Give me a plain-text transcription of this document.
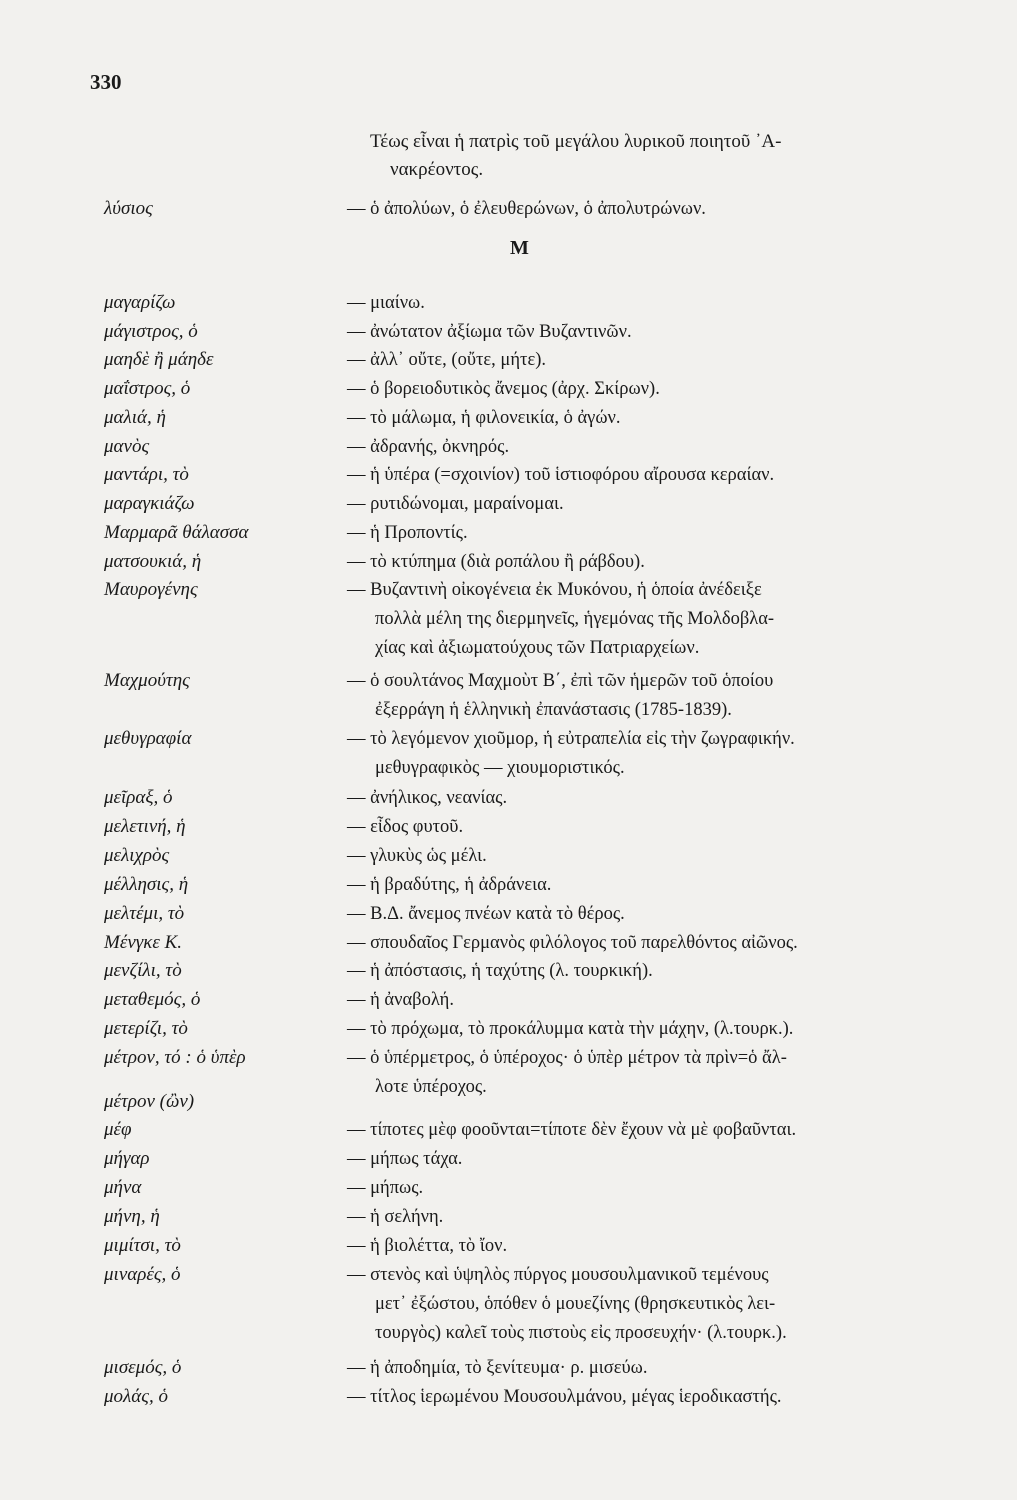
330
Τέως εἶναι ἡ πατρὶς τοῦ μεγάλου λυρικοῦ ποιητοῦ ᾿Α-
νακρέοντος.
Μ
λύσιος	— ὁ ἀπολύων, ὁ ἐλευθερώνων, ὁ ἀπολυτρώνων.
μαγαρίζω	— μιαίνω.
μάγιστρος, ὁ	— ἀνώτατον ἀξίωμα τῶν Βυζαντινῶν.
μαηδὲ ἢ μάηδε	— ἀλλ᾿ οὔτε, (οὔτε, μήτε).
μαΐστρος, ὁ	— ὁ βορειοδυτικὸς ἄνεμος (ἀρχ. Σκίρων).
μαλιά, ἡ	— τὸ μάλωμα, ἡ φιλονεικία, ὁ ἀγών.
μανὸς	— ἀδρανής, ὀκνηρός.
μαντάρι, τὸ	— ἡ ὑπέρα (=σχοινίον) τοῦ ἱστιοφόρου αἴρουσα κεραίαν.
μαραγκιάζω	— ρυτιδώνομαι, μαραίνομαι.
Μαρμαρᾶ θάλασσα	— ἡ Προποντίς.
ματσουκιά, ἡ	— τὸ κτύπημα (διὰ ροπάλου ἢ ράβδου).
Μαυρογένης	— Βυζαντινὴ οἰκογένεια ἐκ Μυκόνου, ἡ ὁποία ἀνέδειξε
πολλὰ μέλη της διερμηνεῖς, ἡγεμόνας τῆς Μολδοβλα-
χίας καὶ ἀξιωματούχους τῶν Πατριαρχείων.
Μαχμούτης	— ὁ σουλτάνος Μαχμοὺτ Β΄, ἐπὶ τῶν ἡμερῶν τοῦ ὁποίου
ἐξερράγη ἡ ἑλληνικὴ ἐπανάστασις (1785-1839).
μεθυγραφία	— τὸ λεγόμενον χιοῦμορ, ἡ εὐτραπελία εἰς τὴν ζωγραφικήν.
μεθυγραφικὸς — χιουμοριστικός.
μεῖραξ, ὁ	— ἀνήλικος, νεανίας.
μελετινή, ἡ	— εἶδος φυτοῦ.
μελιχρὸς	— γλυκὺς ὡς μέλι.
μέλλησις, ἡ	— ἡ βραδύτης, ἡ ἀδράνεια.
μελτέμι, τὸ	— Β.Δ. ἄνεμος πνέων κατὰ τὸ θέρος.
Μένγκε Κ.	— σπουδαῖος Γερμανὸς φιλόλογος τοῦ παρελθόντος αἰῶνος.
μενζίλι, τὸ	— ἡ ἀπόστασις, ἡ ταχύτης (λ. τουρκική).
μεταθεμός, ὁ	— ἡ ἀναβολή.
μετερίζι, τὸ	— τὸ πρόχωμα, τὸ προκάλυμμα κατὰ τὴν μάχην, (λ.τουρκ.).
μέτρον, τό : ὁ ὑπὲρ	— ὁ ὑπέρμετρος, ὁ ὑπέροχος· ὁ ὑπὲρ μέτρον τὰ πρὶν=ὁ ἄλ-
λοτε ὑπέροχος.
μέτρον (ὢν)
μέφ	— τίποτες μὲφ φοοῦνται=τίποτε δὲν ἔχουν νὰ μὲ φοβαῦνται.
μήγαρ	— μήπως τάχα.
μήνα	— μήπως.
μήνη, ἡ	— ἡ σελήνη.
μιμίτσι, τὸ	— ἡ βιολέττα, τὸ ἴον.
μιναρές, ὁ	— στενὸς καὶ ὑψηλὸς πύργος μουσουλμανικοῦ τεμένους
μετ᾿ ἐξώστου, ὁπόθεν ὁ μουεζίνης (θρησκευτικὸς λει-
τουργὸς) καλεῖ τοὺς πιστοὺς εἰς προσευχήν· (λ.τουρκ.).
μισεμός, ὁ	— ἡ ἀποδημία, τὸ ξενίτευμα· ρ. μισεύω.
μολάς, ὁ	— τίτλος ἱερωμένου Μουσουλμάνου, μέγας ἱεροδικαστής.
